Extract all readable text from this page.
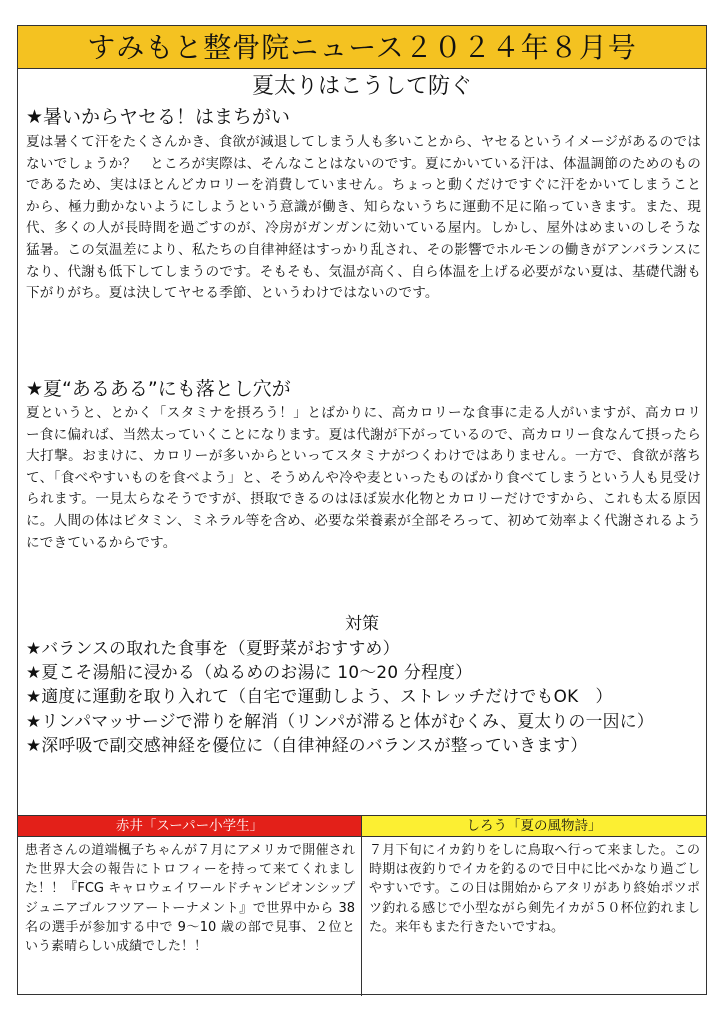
すみもと整骨院ニュース２０２４年８月号
夏太りはこうして防ぐ
★暑いからヤセる！はまちがい

夏は暑くて汗をたくさんかき、食欲が減退してしまう人も多いことから、ヤセるというイメージがあるのではないでしょうか？　ところが実際は、そんなことはないのです。夏にかいている汗は、体温調節のためのものであるため、実はほとんどカロリーを消費していません。ちょっと動くだけですぐに汗をかいてしまうことから、極力動かないようにしようという意識が働き、知らないうちに運動不足に陥っていきます。また、現代、多くの人が長時間を過ごすのが、冷房がガンガンに効いている屋内。しかし、屋外はめまいのしそうな猛暑。この気温差により、私たちの自律神経はすっかり乱され、その影響でホルモンの働きがアンバランスになり、代謝も低下してしまうのです。そもそも、気温が高く、自ら体温を上げる必要がない夏は、基礎代謝も下がりがち。夏は決してヤセる季節、というわけではないのです。

★夏“あるある”にも落とし穴が

夏というと、とかく「スタミナを摂ろう！」とばかりに、高カロリーな食事に走る人がいますが、高カロリー食に偏れば、当然太っていくことになります。夏は代謝が下がっているので、高カロリー食なんて摂ったら大打撃。おまけに、カロリーが多いからといってスタミナがつくわけではありません。一方で、食欲が落ちて、「食べやすいものを食べよう」と、そうめんや冷や麦といったものばかり食べてしまうという人も見受けられます。一見太らなそうですが、摂取できるのはほぼ炭水化物とカロリーだけですから、これも太る原因に。人間の体はビタミン、ミネラル等を含め、必要な栄養素が全部そろって、初めて効率よく代謝されるようにできているからです。

対策
★バランスの取れた食事を（夏野菜がおすすめ）
★夏こそ湯船に浸かる（ぬるめのお湯に 10～20 分程度）
★適度に運動を取り入れて（自宅で運動しよう、ストレッチだけでもOK　）
★リンパマッサージで滞りを解消（リンパが滞ると体がむくみ、夏太りの一因に）
★深呼吸で副交感神経を優位に（自律神経のバランスが整っていきます）
赤井「スーパー小学生」

患者さんの道端楓子ちゃんが７月にアメリカで開催された世界大会の報告にトロフィーを持って来てくれました！！『FCG キャロウェイワールドチャンピオンシップジュニアゴルフツアートーナメント』で世界中から 38 名の選手が参加する中で 9～10 歳の部で見事、２位という素晴らしい成績でした！！

しろう「夏の風物詩」

７月下旬にイカ釣りをしに鳥取へ行って来ました。この時期は夜釣りでイカを釣るので日中に比べかなり過ごしやすいです。この日は開始からアタリがあり終始ポツポツ釣れる感じで小型ながら剣先イカが５０杯位釣れました。来年もまた行きたいですね。
